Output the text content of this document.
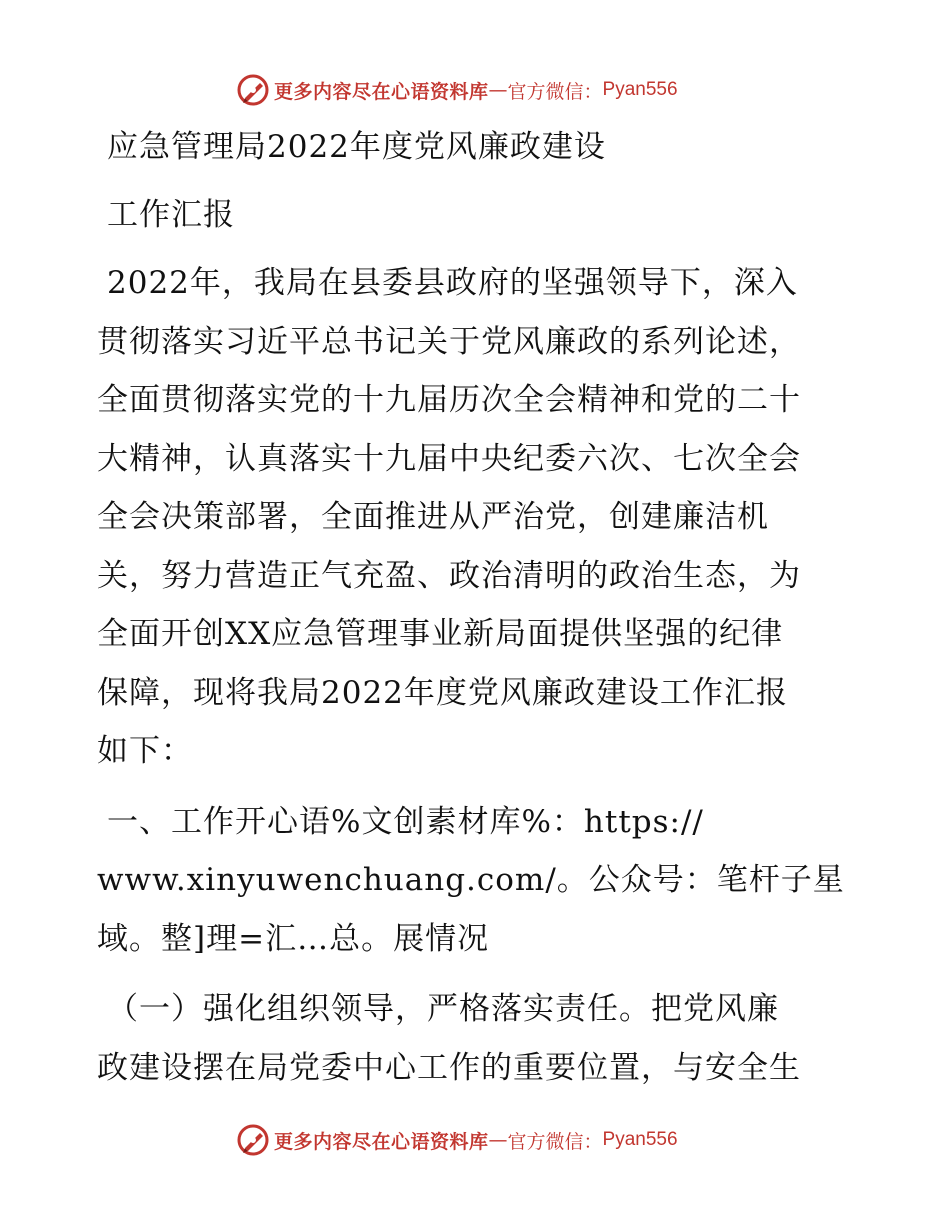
更多内容尽在心语资料库 — 官方微信： Pyan556
应急管理局2022年度党风廉政建设
工作汇报
2022年，我局在县委县政府的坚强领导下，深入
贯彻落实习近平总书记关于党风廉政的系列论述，
全面贯彻落实党的十九届历次全会精神和党的二十
大精神，认真落实十九届中央纪委六次、七次全会
全会决策部署，全面推进从严治党，创建廉洁机
关，努力营造正气充盈、政治清明的政治生态，为
全面开创XX应急管理事业新局面提供坚强的纪律
保障，现将我局2022年度党风廉政建设工作汇报
如下：
一、工作开心语%文创素材库%：https://
www.xinyuwenchuang.com/。公众号：笔杆子星
域。整]理=汇…总。展情况
（一）强化组织领导，严格落实责任。把党风廉
政建设摆在局党委中心工作的重要位置，与安全生
更多内容尽在心语资料库 — 官方微信： Pyan556
